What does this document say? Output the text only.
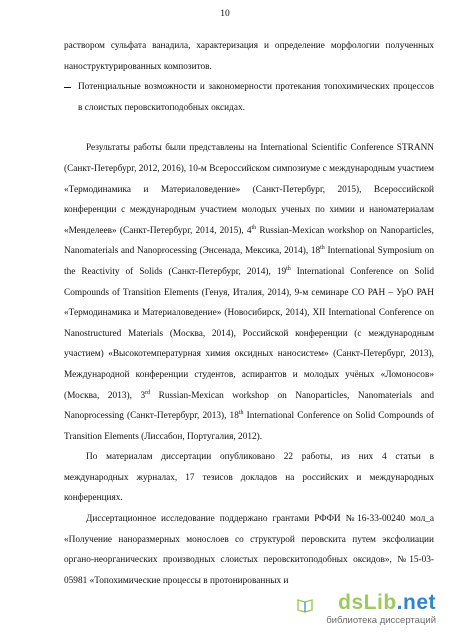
10

раствором сульфата ванадила, характеризация и определение морфологии полученных наноструктурированных композитов.

Потенциальные возможности и закономерности протекания топохимических процессов в слоистых перовскитоподобных оксидах.

Результаты работы были представлены на International Scientific Conference STRANN (Санкт-Петербург, 2012, 2016), 10-м Всероссийском симпозиуме с международным участием «Термодинамика и Материаловедение» (Санкт-Петербург, 2015), Всероссийской конференции с международным участием молодых ученых по химии и наноматериалам «Менделеев» (Санкт-Петербург, 2014, 2015), 4th Russian-Mexican workshop on Nanoparticles, Nanomaterials and Nanoprocessing (Энсенада, Мексика, 2014), 18th International Symposium on the Reactivity of Solids (Санкт-Петербург, 2014), 19th International Conference on Solid Compounds of Transition Elements (Генуя, Италия, 2014), 9-м семинаре СО РАН – УрО РАН «Термодинамика и Материаловедение» (Новосибирск, 2014), XII International Conference on Nanostructured Materials (Москва, 2014), Российской конференции (с международным участием) «Высокотемпературная химия оксидных наносистем» (Санкт-Петербург, 2013), Международной конференции студентов, аспирантов и молодых учёных «Ломоносов» (Москва, 2013), 3rd Russian-Mexican workshop on Nanoparticles, Nanomaterials and Nanoprocessing (Санкт-Петербург, 2013), 18th International Conference on Solid Compounds of Transition Elements (Лиссабон, Португалия, 2012).

По материалам диссертации опубликовано 22 работы, из них 4 статьи в международных журналах, 17 тезисов докладов на российских и международных конференциях.

Диссертационное исследование поддержано грантами РФФИ №16-33-00240 мол_а «Получение наноразмерных монослоев со структурой перовскита путем эксфолиации органо-неорганических производных слоистых перовскитоподобных оксидов», №15-03-05981 «Топохимические процессы в протонированных и

dsLib.net
библиотека диссертаций
